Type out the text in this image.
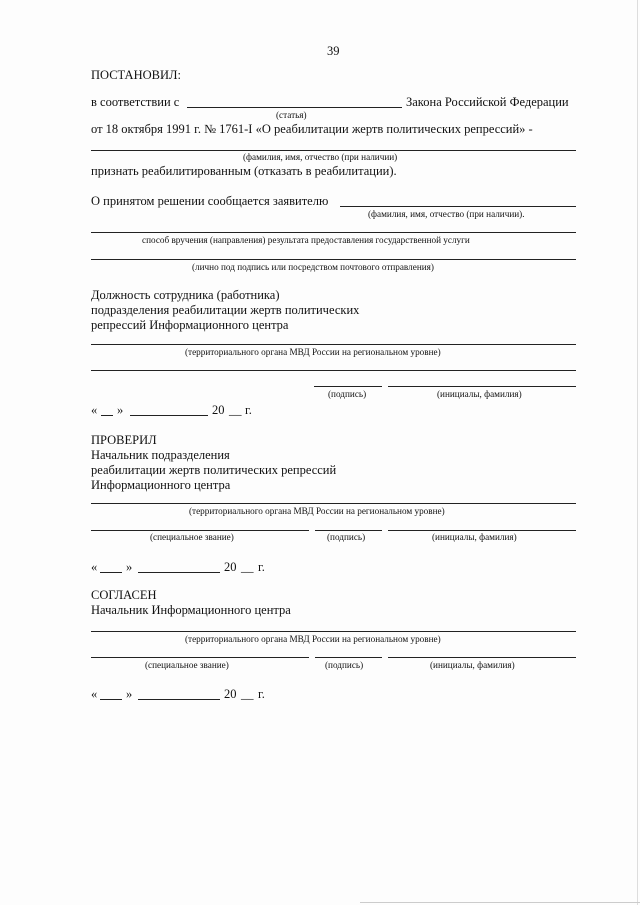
39
ПОСТАНОВИЛ:
в соответствии с	Закона Российской Федерации
(статья)
от 18 октября 1991 г. № 1761-I «О реабилитации жертв политических репрессий» -
(фамилия, имя, отчество (при наличии)
признать реабилитированным (отказать в реабилитации).
О принятом решении сообщается заявителю
(фамилия, имя, отчество (при наличии).
способ вручения (направления) результата предоставления государственной услуги
(лично под подпись или посредством почтового отправления)
Должность сотрудника (работника)
подразделения реабилитации жертв политических
репрессий Информационного центра
(территориального органа МВД России на региональном уровне)
(подпись)	(инициалы, фамилия)
« »	20 __ г.
ПРОВЕРИЛ
Начальник подразделения
реабилитации жертв политических репрессий
Информационного центра
(территориального органа МВД России на региональном уровне)
(специальное звание)	(подпись)	(инициалы, фамилия)
« »	20 __ г.
СОГЛАСЕН
Начальник Информационного центра
(территориального органа МВД России на региональном уровне)
(специальное звание)	(подпись)	(инициалы, фамилия)
« »	20 __ г.
